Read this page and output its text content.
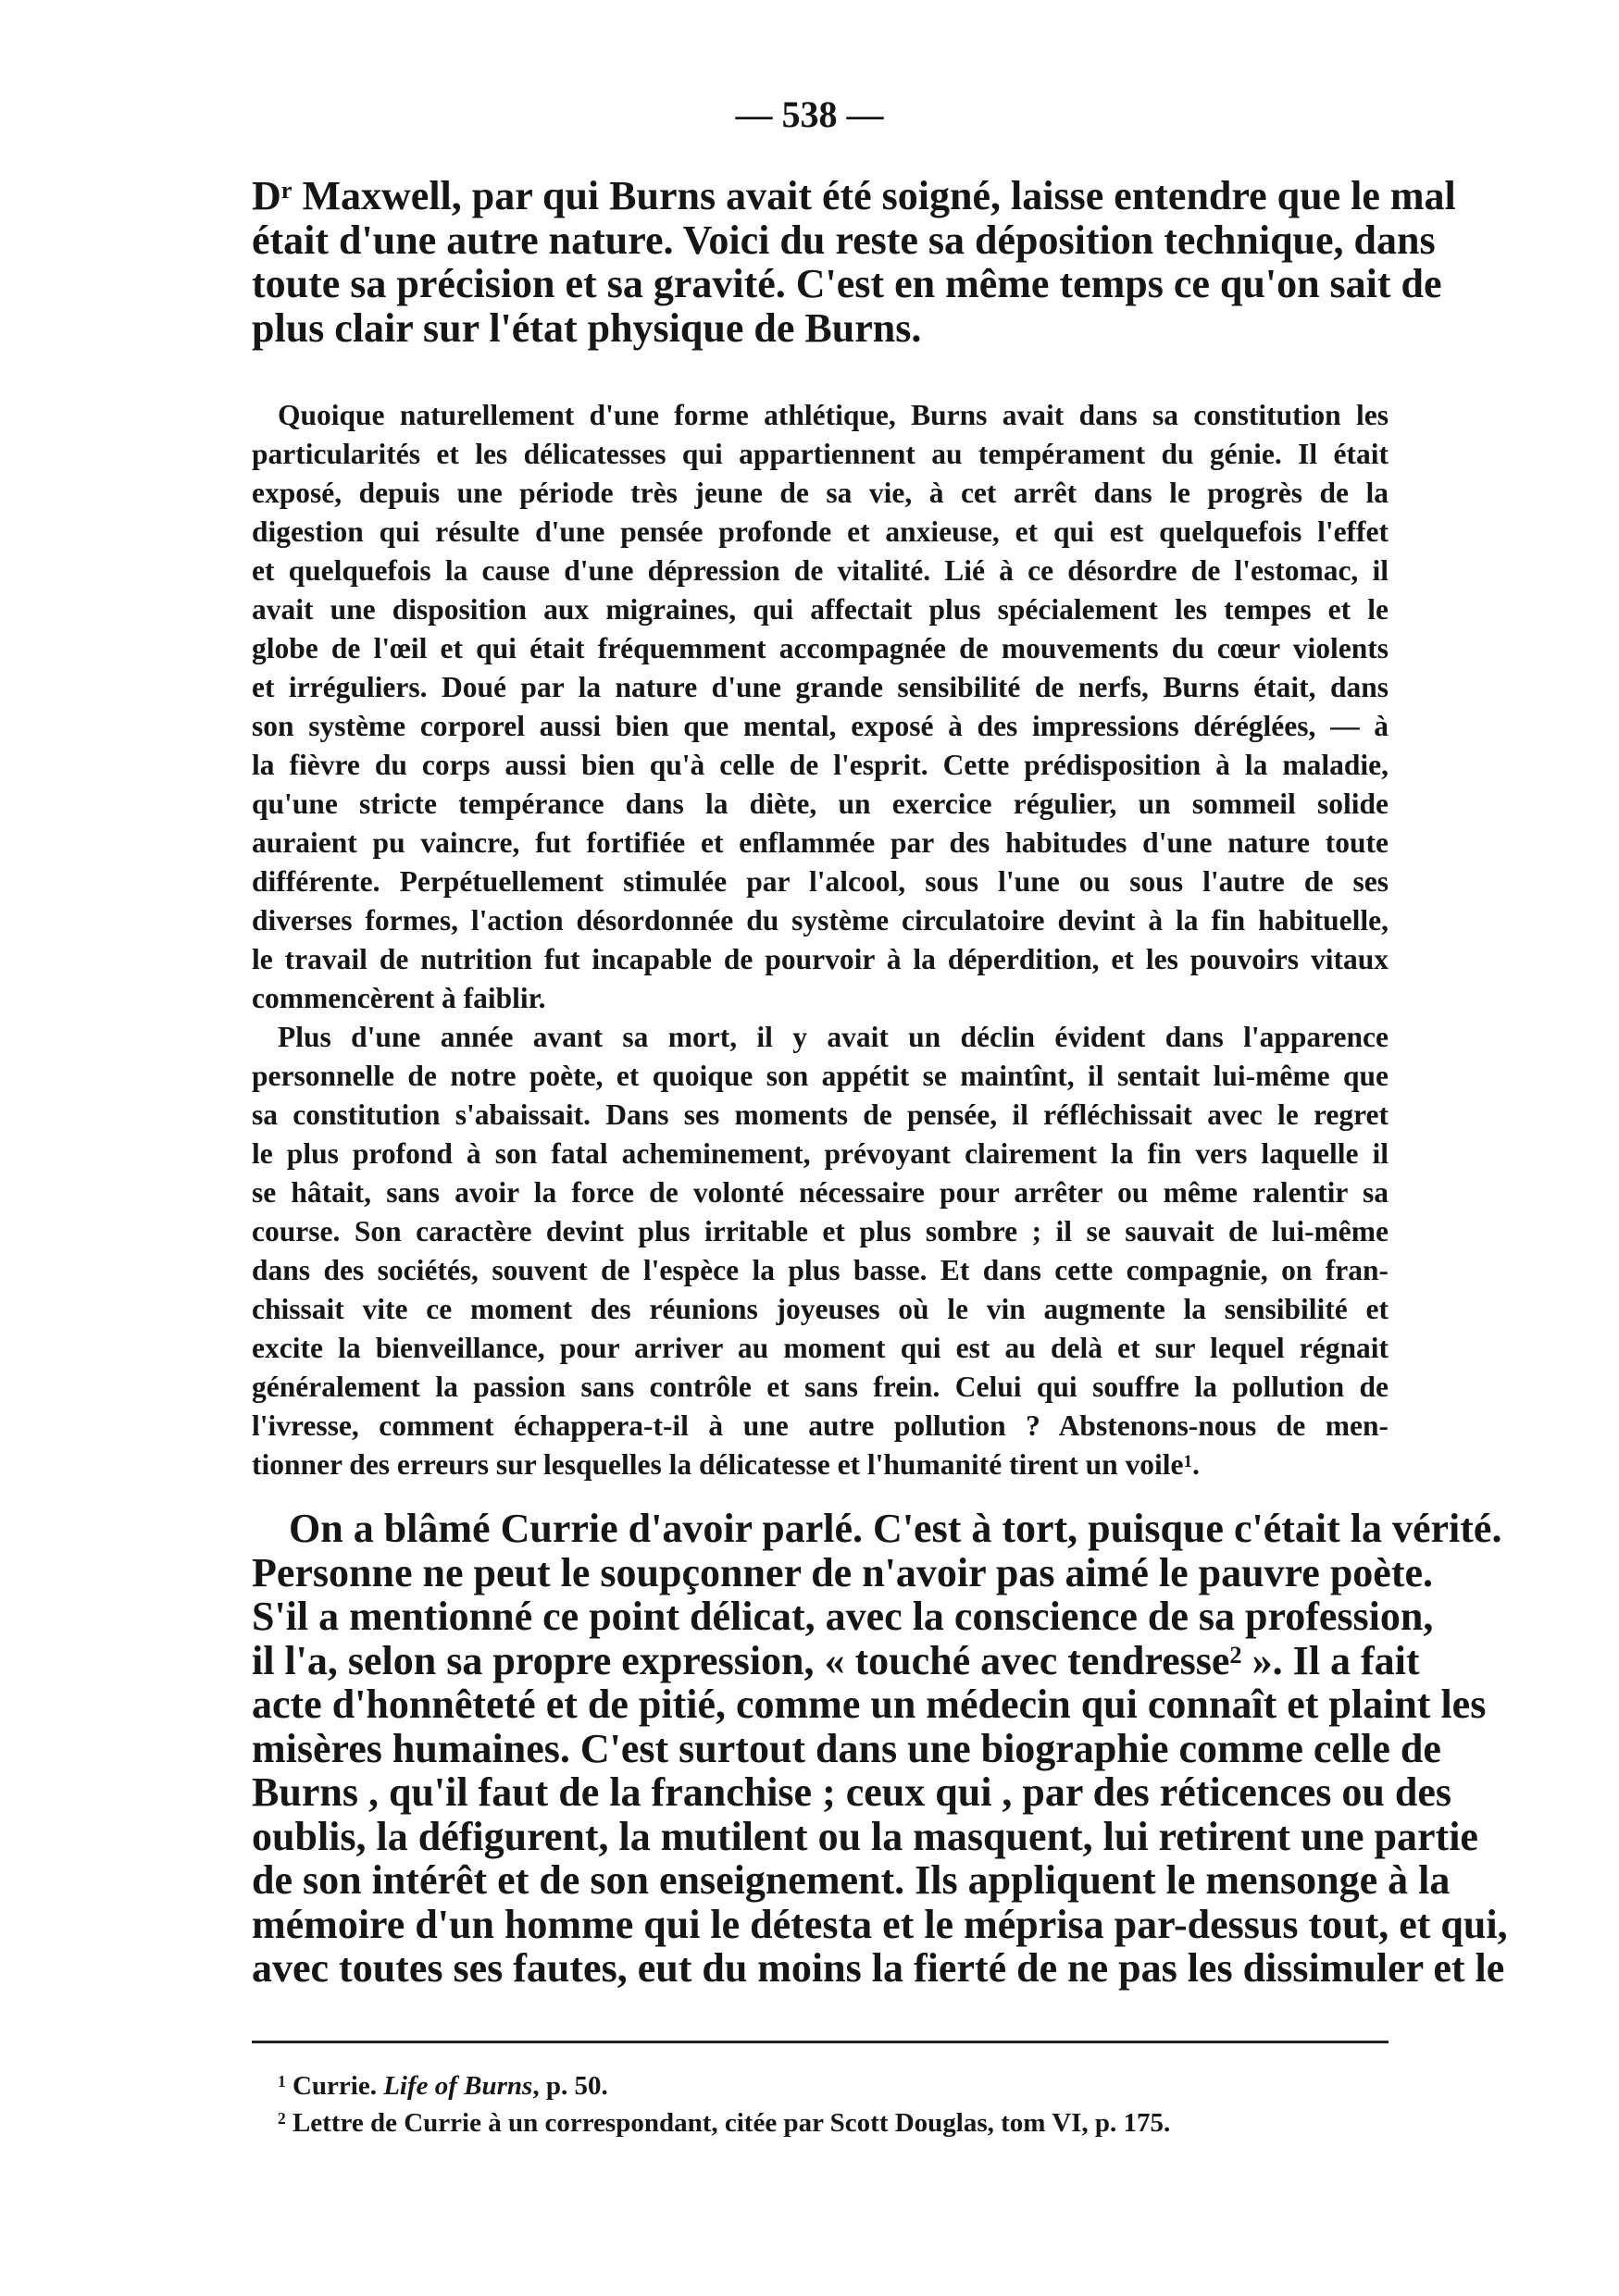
— 538 —
$D^r$ Maxwell, par qui Burns avait été soigné, laisse entendre que le mal
était d'une autre nature. Voici du reste sa déposition technique, dans
toute sa précision et sa gravité. C'est en même temps ce qu'on sait de
plus clair sur l'état physique de Burns.
Quoique naturellement d'une forme athlétique, Burns avait dans sa constitution les
particularités et les délicatesses qui appartiennent au tempérament du génie. Il était
exposé, depuis une période très jeune de sa vie, à cet arrêt dans le progrès de la
digestion qui résulte d'une pensée profonde et anxieuse, et qui est quelquefois l'effet
et quelquefois la cause d'une dépression de vitalité. Lié à ce désordre de l'estomac, il
avait une disposition aux migraines, qui affectait plus spécialement les tempes et le
globe de l'œil et qui était fréquemment accompagnée de mouvements du cœur violents
et irréguliers. Doué par la nature d'une grande sensibilité de nerfs, Burns était, dans
son système corporel aussi bien que mental, exposé à des impressions déréglées, — à
la fièvre du corps aussi bien qu'à celle de l'esprit. Cette prédisposition à la maladie,
qu'une stricte tempérance dans la diète, un exercice régulier, un sommeil solide
auraient pu vaincre, fut fortifiée et enflammée par des habitudes d'une nature toute
différente. Perpétuellement stimulée par l'alcool, sous l'une ou sous l'autre de ses
diverses formes, l'action désordonnée du système circulatoire devint à la fin habituelle,
le travail de nutrition fut incapable de pourvoir à la déperdition, et les pouvoirs vitaux
commencèrent à faiblir.
Plus d'une année avant sa mort, il y avait un déclin évident dans l'apparence
personnelle de notre poète, et quoique son appétit se maintînt, il sentait lui-même que
sa constitution s'abaissait. Dans ses moments de pensée, il réfléchissait avec le regret
le plus profond à son fatal acheminement, prévoyant clairement la fin vers laquelle il
se hâtait, sans avoir la force de volonté nécessaire pour arrêter ou même ralentir sa
course. Son caractère devint plus irritable et plus sombre ; il se sauvait de lui-même
dans des sociétés, souvent de l'espèce la plus basse. Et dans cette compagnie, on fran-
chissait vite ce moment des réunions joyeuses où le vin augmente la sensibilité et
excite la bienveillance, pour arriver au moment qui est au delà et sur lequel régnait
généralement la passion sans contrôle et sans frein. Celui qui souffre la pollution de
l'ivresse, comment échappera-t-il à une autre pollution ? Abstenons-nous de men-
tionner des erreurs sur lesquelles la délicatesse et l'humanité tirent un voile$^1$.
On a blâmé Currie d'avoir parlé. C'est à tort, puisque c'était la vérité.
Personne ne peut le soupçonner de n'avoir pas aimé le pauvre poète.
S'il a mentionné ce point délicat, avec la conscience de sa profession,
il l'a, selon sa propre expression, « touché avec tendresse$^2$ ». Il a fait
acte d'honnêteté et de pitié, comme un médecin qui connaît et plaint les
misères humaines. C'est surtout dans une biographie comme celle de
Burns , qu'il faut de la franchise ; ceux qui , par des réticences ou des
oublis, la défigurent, la mutilent ou la masquent, lui retirent une partie
de son intérêt et de son enseignement. Ils appliquent le mensonge à la
mémoire d'un homme qui le détesta et le méprisa par-dessus tout, et qui,
avec toutes ses fautes, eut du moins la fierté de ne pas les dissimuler et le
$^1$ Currie. Life of Burns, p. 50.
$^2$ Lettre de Currie à un correspondant, citée par Scott Douglas, tom VI, p. 175.
